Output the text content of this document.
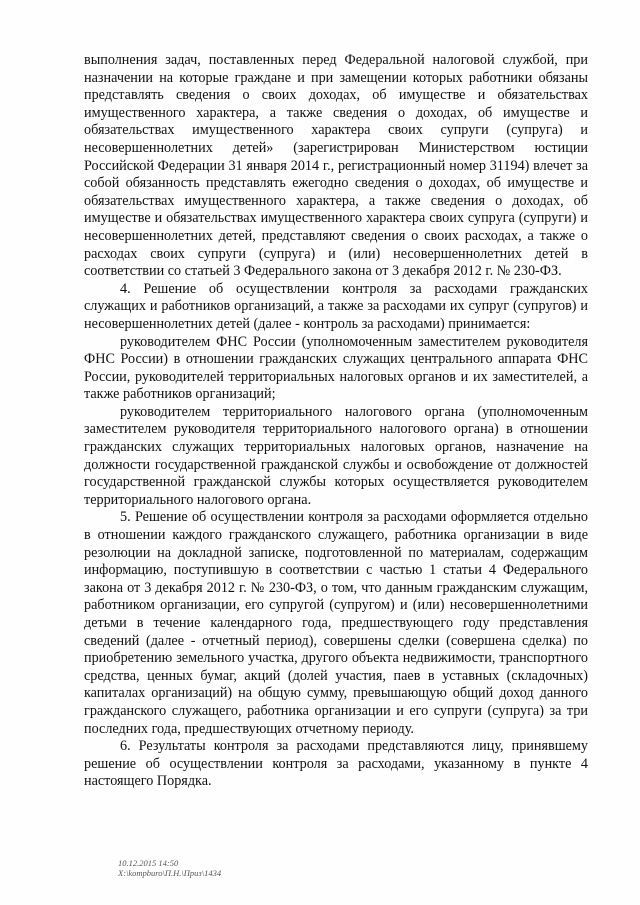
выполнения задач, поставленных перед Федеральной налоговой службой, при назначении на которые граждане и при замещении которых работники обязаны представлять сведения о своих доходах, об имуществе и обязательствах имущественного характера, а также сведения о доходах, об имуществе и обязательствах имущественного характера своих супруги (супруга) и несовершеннолетних детей» (зарегистрирован Министерством юстиции Российской Федерации 31 января 2014 г., регистрационный номер 31194) влечет за собой обязанность представлять ежегодно сведения о доходах, об имуществе и обязательствах имущественного характера, а также сведения о доходах, об имуществе и обязательствах имущественного характера своих супруга (супруги) и несовершеннолетних детей, представляют сведения о своих расходах, а также о расходах своих супруги (супруга) и (или) несовершеннолетних детей в соответствии со статьей 3 Федерального закона от 3 декабря 2012 г. № 230-ФЗ.

4. Решение об осуществлении контроля за расходами гражданских служащих и работников организаций, а также за расходами их супруг (супругов) и несовершеннолетних детей (далее - контроль за расходами) принимается:

руководителем ФНС России (уполномоченным заместителем руководителя ФНС России) в отношении гражданских служащих центрального аппарата ФНС России, руководителей территориальных налоговых органов и их заместителей, а также работников организаций;

руководителем территориального налогового органа (уполномоченным заместителем руководителя территориального налогового органа) в отношении гражданских служащих территориальных налоговых органов, назначение на должности государственной гражданской службы и освобождение от должностей государственной гражданской службы которых осуществляется руководителем территориального налогового органа.

5. Решение об осуществлении контроля за расходами оформляется отдельно в отношении каждого гражданского служащего, работника организации в виде резолюции на докладной записке, подготовленной по материалам, содержащим информацию, поступившую в соответствии с частью 1 статьи 4 Федерального закона от 3 декабря 2012 г. № 230-ФЗ, о том, что данным гражданским служащим, работником организации, его супругой (супругом) и (или) несовершеннолетними детьми в течение календарного года, предшествующего году представления сведений (далее - отчетный период), совершены сделки (совершена сделка) по приобретению земельного участка, другого объекта недвижимости, транспортного средства, ценных бумаг, акций (долей участия, паев в уставных (складочных) капиталах организаций) на общую сумму, превышающую общий доход данного гражданского служащего, работника организации и его супруги (супруга) за три последних года, предшествующих отчетному периоду.

6. Результаты контроля за расходами представляются лицу, принявшему решение об осуществлении контроля за расходами, указанному в пункте 4 настоящего Порядка.

10.12.2015 14:50
X:\kompburo\П.Н.\Приз\1434
